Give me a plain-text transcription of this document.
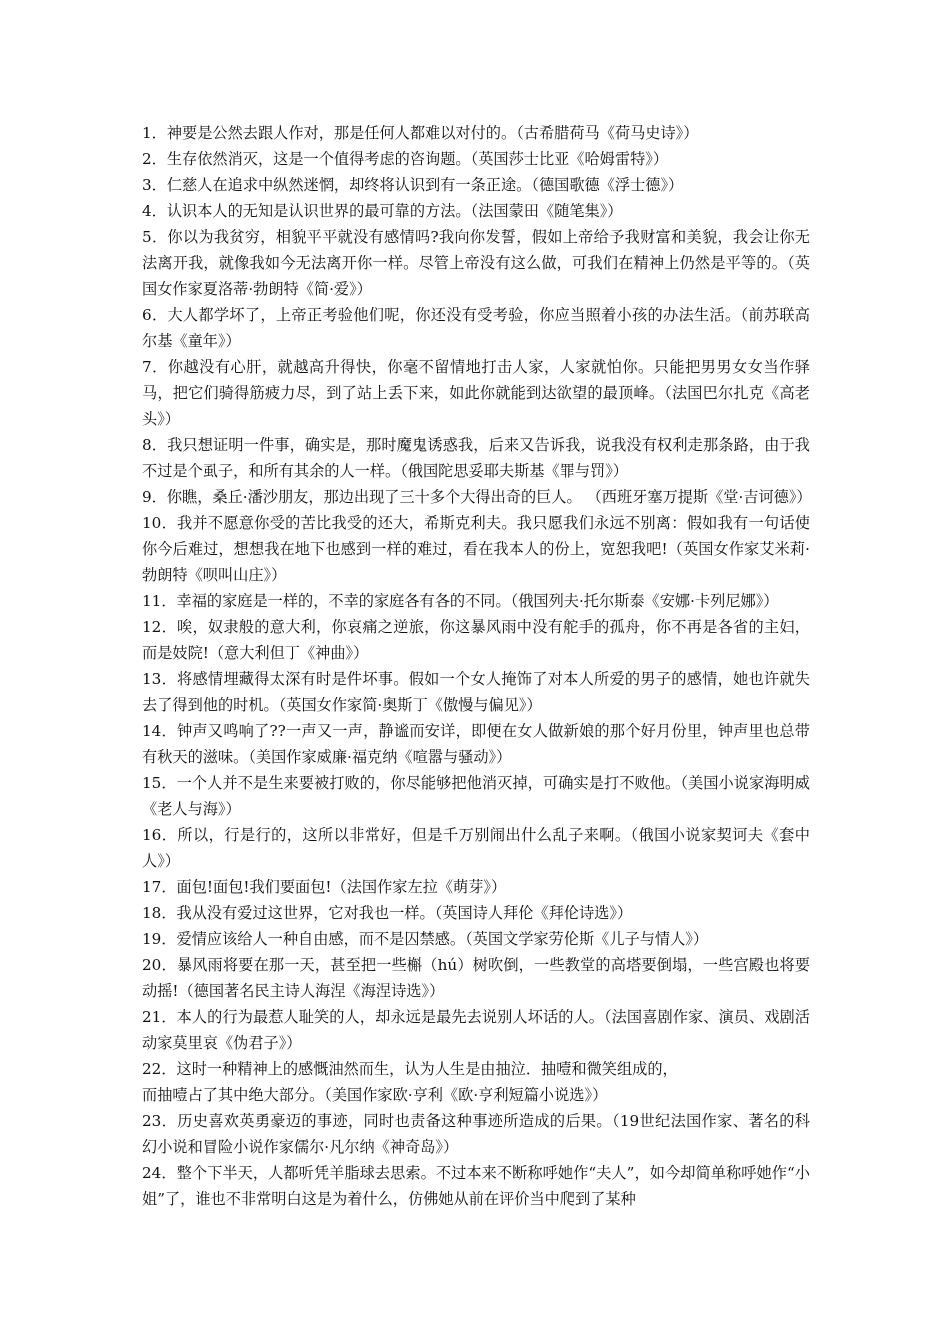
1．神要是公然去跟人作对，那是任何人都难以对付的。（古希腊荷马《荷马史诗》）

2．生存依然消灭，这是一个值得考虑的咨询题。（英国莎士比亚《哈姆雷特》）

3．仁慈人在追求中纵然迷惘，却终将认识到有一条正途。（德国歌德《浮士德》）

4．认识本人的无知是认识世界的最可靠的方法。（法国蒙田《随笔集》）

5．你以为我贫穷，相貌平平就没有感情吗?我向你发誓，假如上帝给予我财富和美貌，我会让你无法离开我，就像我如今无法离开你一样。尽管上帝没有这么做，可我们在精神上仍然是平等的。（英国女作家夏洛蒂·勃朗特《简·爱》）

6．大人都学坏了，上帝正考验他们呢，你还没有受考验，你应当照着小孩的办法生活。（前苏联高尔基《童年》）

7．你越没有心肝，就越高升得快，你毫不留情地打击人家，人家就怕你。只能把男男女女当作驿马，把它们骑得筋疲力尽，到了站上丢下来，如此你就能到达欲望的最顶峰。（法国巴尔扎克《高老头》）

8．我只想证明一件事，确实是，那时魔鬼诱惑我，后来又告诉我，说我没有权利走那条路，由于我不过是个虱子，和所有其余的人一样。（俄国陀思妥耶夫斯基《罪与罚》）

9．你瞧，桑丘·潘沙朋友，那边出现了三十多个大得出奇的巨人。 （西班牙塞万提斯《堂·吉诃德》）

10．我并不愿意你受的苦比我受的还大，希斯克利夫。我只愿我们永远不别离：假如我有一句话使你今后难过，想想我在地下也感到一样的难过，看在我本人的份上，宽恕我吧!（英国女作家艾米莉·勃朗特《呗叫山庄》）

11．幸福的家庭是一样的，不幸的家庭各有各的不同。（俄国列夫·托尔斯泰《安娜·卡列尼娜》）

12．唉，奴隶般的意大利，你哀痛之逆旅，你这暴风雨中没有舵手的孤舟，你不再是各省的主妇，而是妓院!（意大利但丁《神曲》）

13．将感情埋藏得太深有时是件坏事。假如一个女人掩饰了对本人所爱的男子的感情，她也许就失去了得到他的时机。（英国女作家简·奥斯丁《傲慢与偏见》）

14．钟声又鸣响了??一声又一声，静谧而安详，即便在女人做新娘的那个好月份里，钟声里也总带有秋天的滋味。（美国作家威廉·福克纳《喧嚣与骚动》）

15．一个人并不是生来要被打败的，你尽能够把他消灭掉，可确实是打不败他。（美国小说家海明威《老人与海》）

16．所以，行是行的，这所以非常好，但是千万别闹出什么乱子来啊。（俄国小说家契诃夫《套中人》）

17．面包!面包!我们要面包!（法国作家左拉《萌芽》）

18．我从没有爱过这世界，它对我也一样。（英国诗人拜伦《拜伦诗选》）

19．爱情应该给人一种自由感，而不是囚禁感。（英国文学家劳伦斯《儿子与情人》）

20．暴风雨将要在那一天，甚至把一些槲（hú）树吹倒，一些教堂的高塔要倒塌，一些宫殿也将要动摇!（德国著名民主诗人海涅《海涅诗选》）

21．本人的行为最惹人耻笑的人，却永远是最先去说别人坏话的人。（法国喜剧作家、演员、戏剧活动家莫里哀《伪君子》）

22．这时一种精神上的感慨油然而生，认为人生是由抽泣．抽噎和微笑组成的，
而抽噎占了其中绝大部分。（美国作家欧·亨利《欧·亨利短篇小说选》）

23．历史喜欢英勇豪迈的事迹，同时也责备这种事迹所造成的后果。（19世纪法国作家、著名的科幻小说和冒险小说作家儒尔·凡尔纳《神奇岛》）

24．整个下半天，人都听凭羊脂球去思索。不过本来不断称呼她作“夫人”，如今却简单称呼她作“小姐”了，谁也不非常明白这是为着什么，仿佛她从前在评价当中爬到了某种
